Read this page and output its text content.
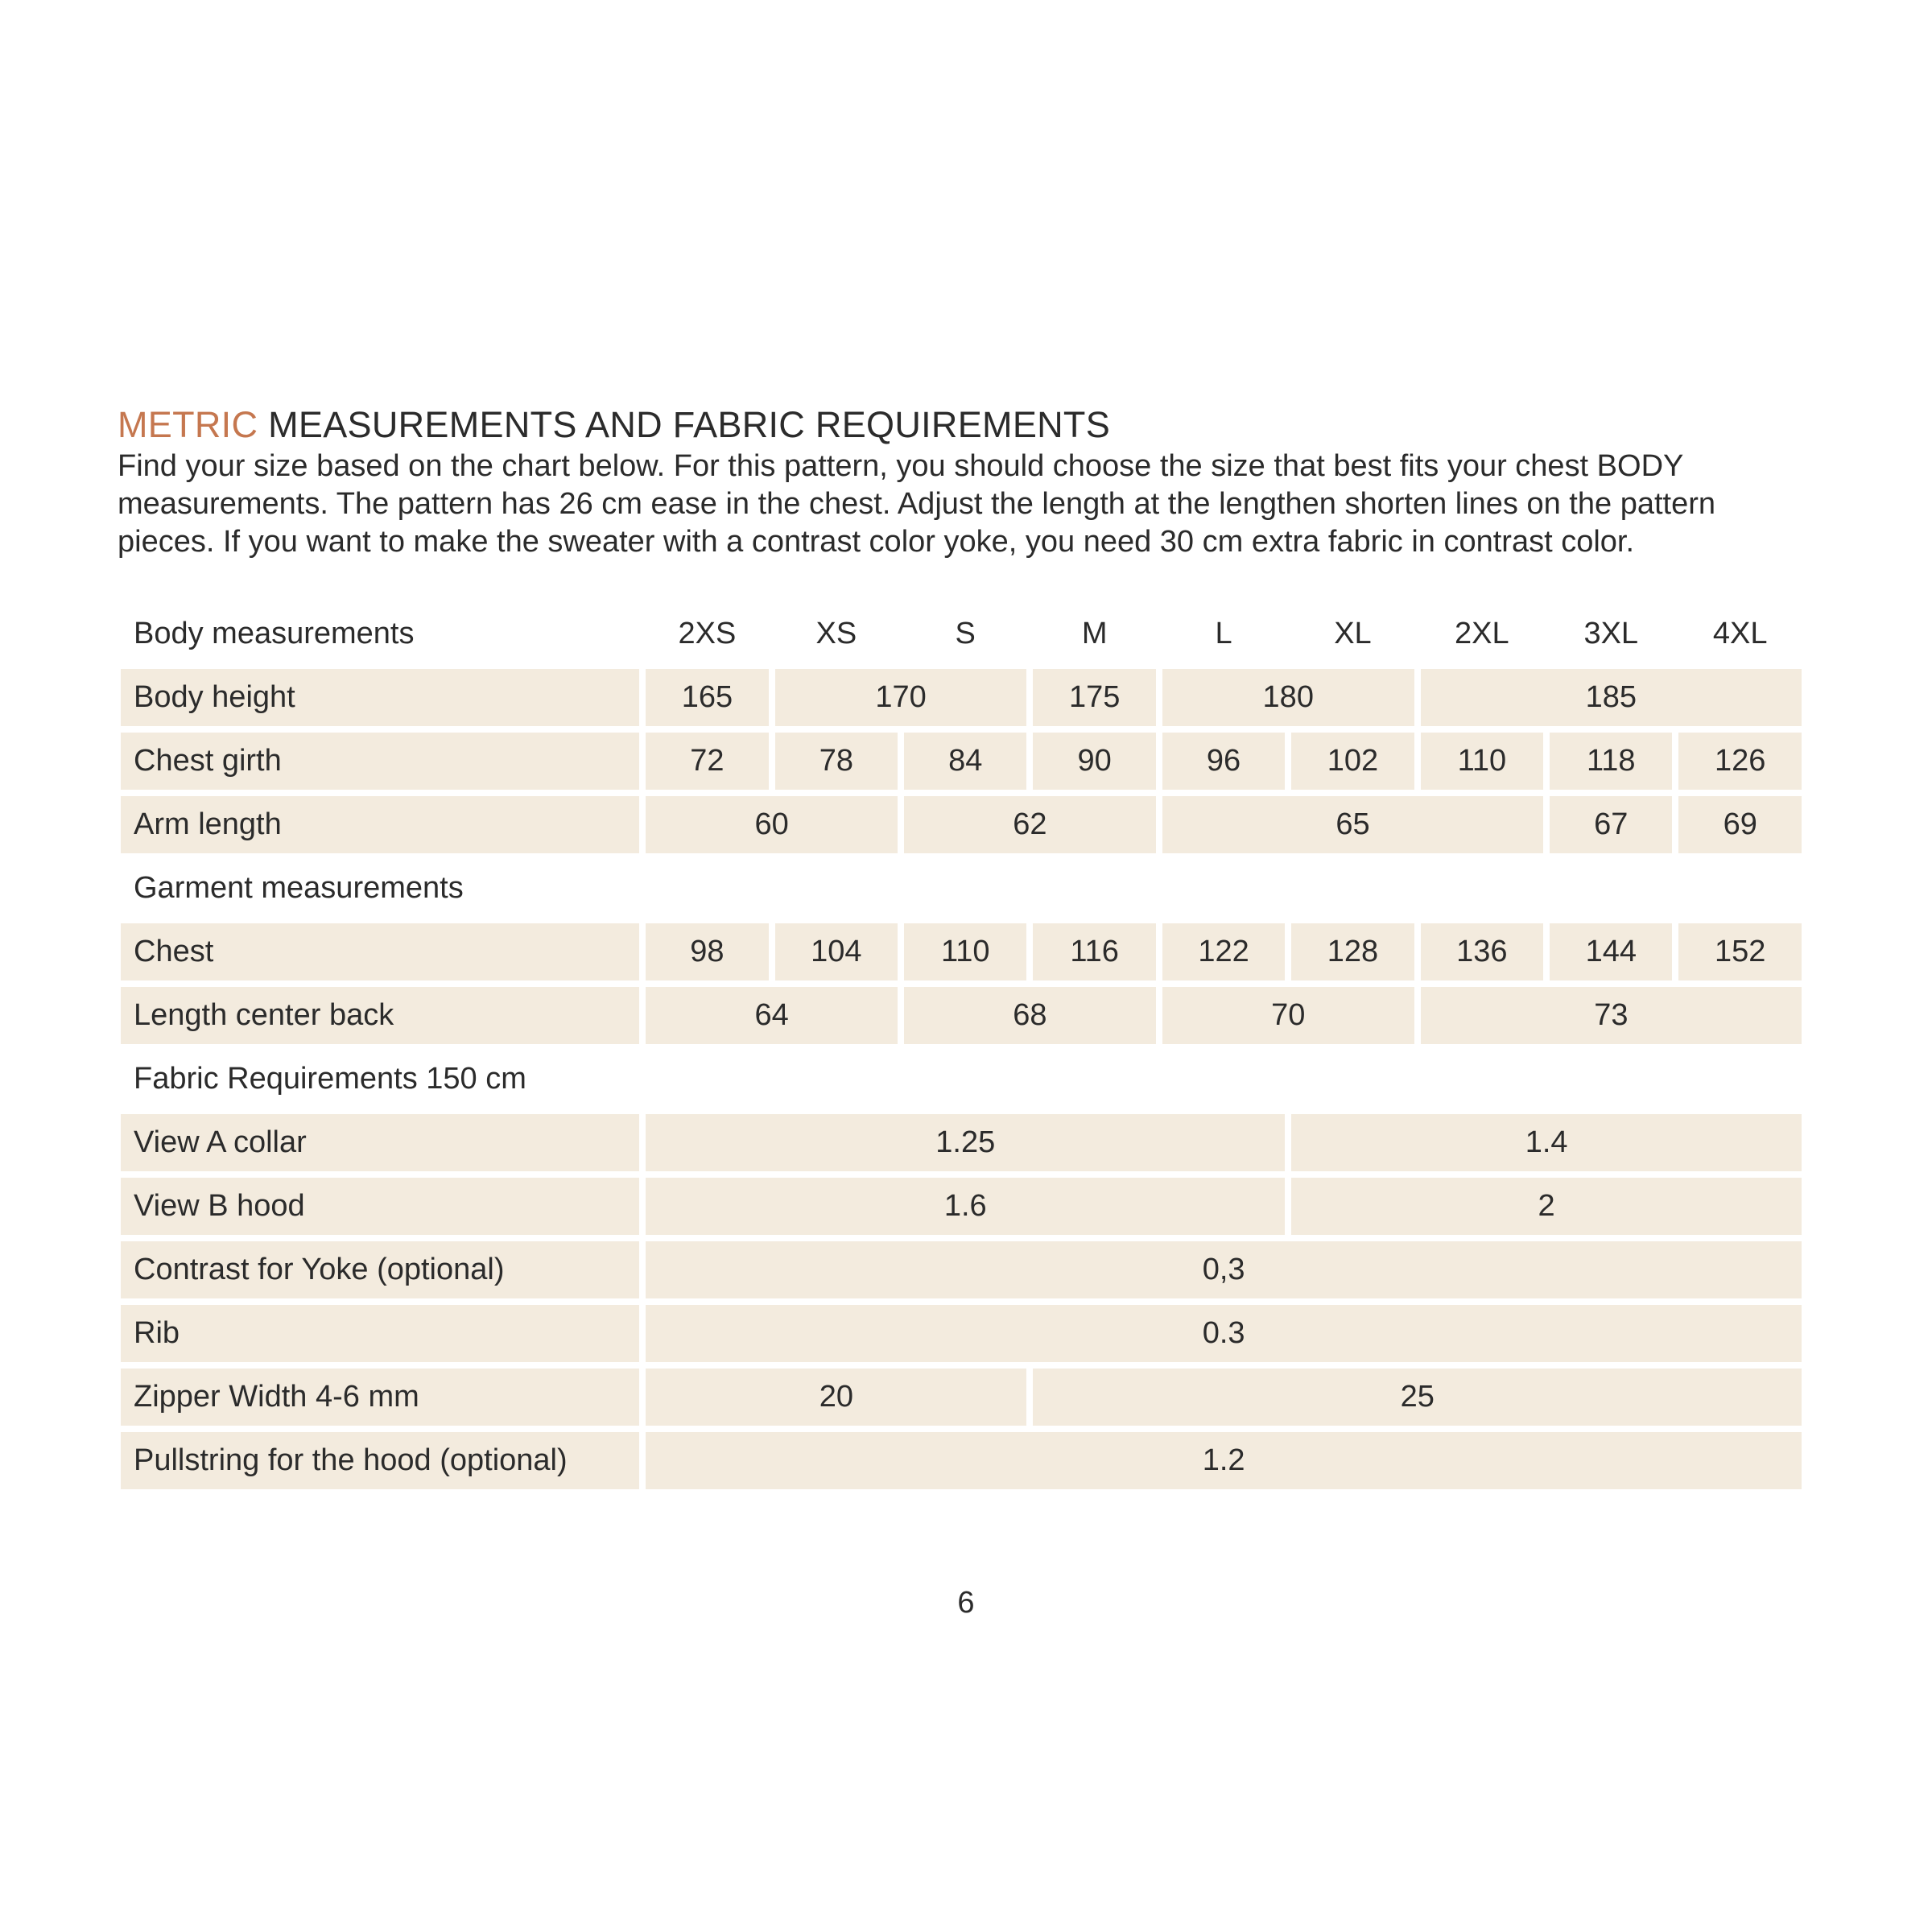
METRIC MEASUREMENTS AND FABRIC REQUIREMENTS

Find your size based on the chart below. For this pattern, you should choose the size that best fits your chest BODY
measurements. The pattern has 26 cm ease in the chest. Adjust the length at the lengthen shorten lines on the pattern
pieces. If you want to make the sweater with a contrast color yoke, you need 30 cm extra fabric in contrast color.

Body measurements	2XS	XS	S	M	L	XL	2XL	3XL	4XL
Body height	165	170		175	180		185		
Chest girth	72	78	84	90	96	102	110	118	126
Arm length	60		62		65			67	69
Garment measurements									
Chest	98	104	110	116	122	128	136	144	152
Length center back	64		68		70		73		
Fabric Requirements 150 cm									
View A collar	1.25					1.4			
View B hood	1.6					2			
Contrast for Yoke (optional)	0,3								
Rib	0.3								
Zipper Width 4-6 mm	20			25					
Pullstring for the hood (optional)	1.2								

6
